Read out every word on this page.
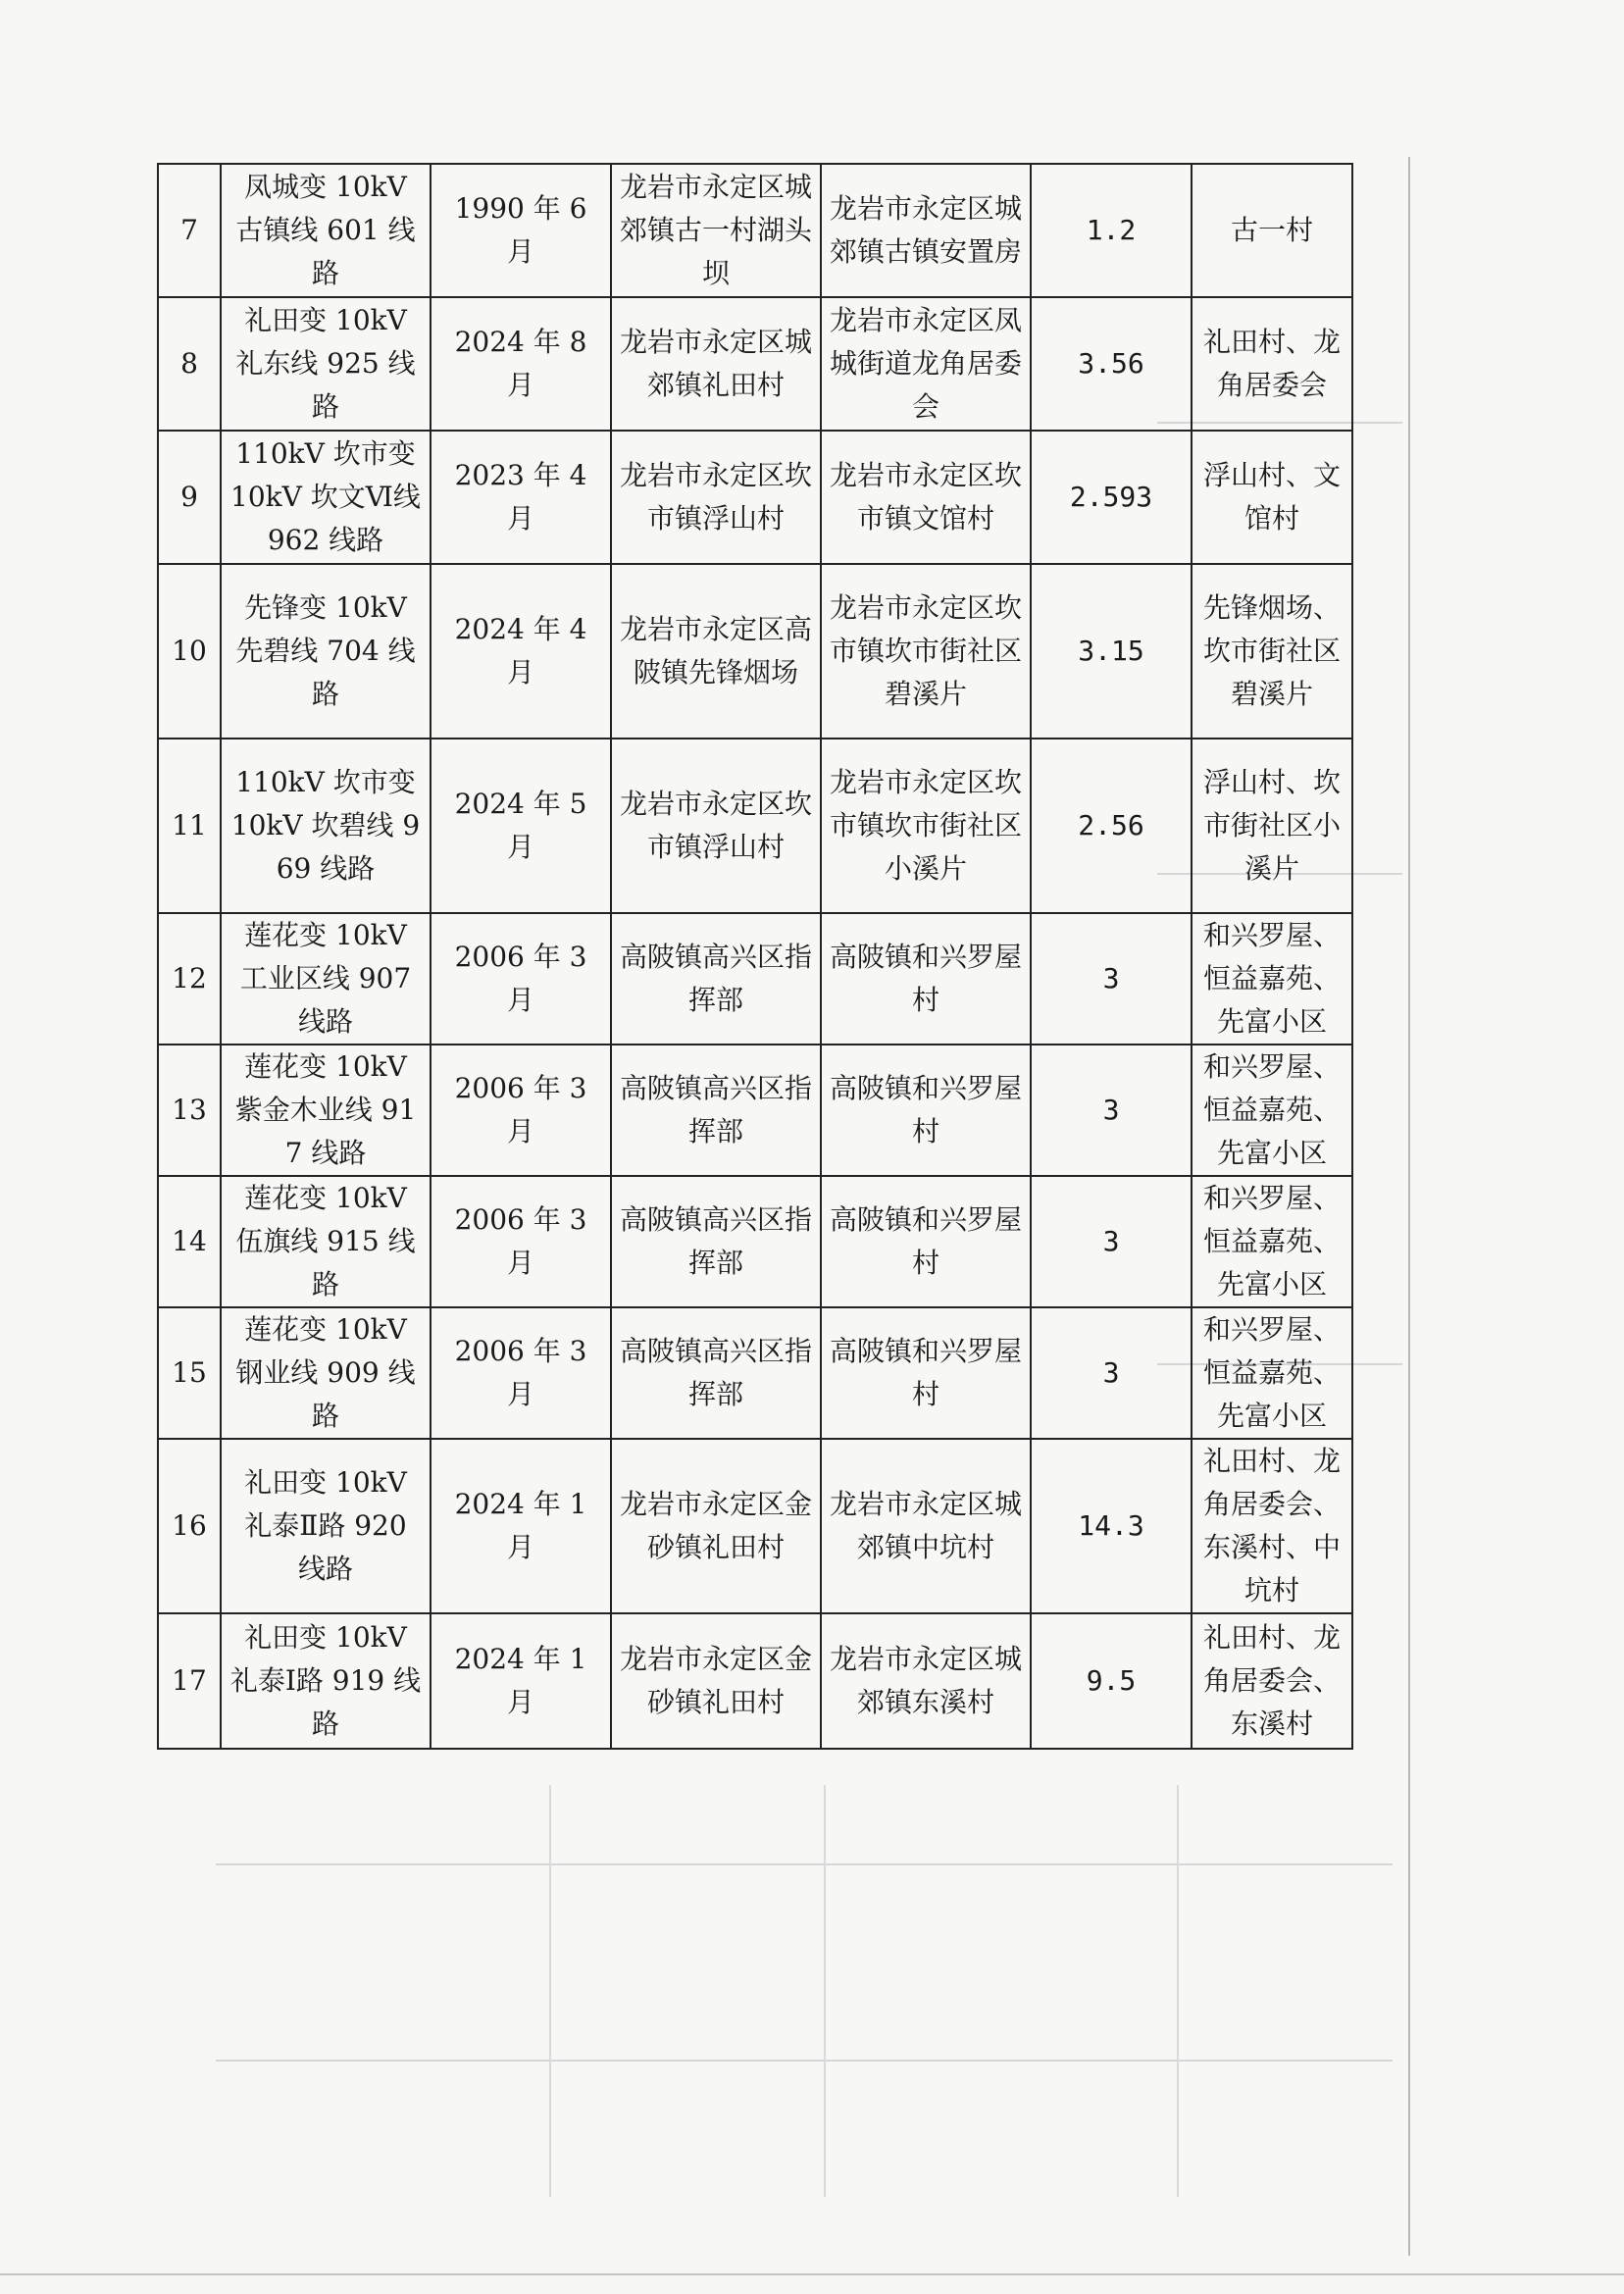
7	凤城变 10kV 古镇线 601 线路	1990 年 6 月	龙岩市永定区城郊镇古一村湖头坝	龙岩市永定区城郊镇古镇安置房	1.2	古一村
8	礼田变 10kV 礼东线 925 线路	2024 年 8 月	龙岩市永定区城郊镇礼田村	龙岩市永定区凤城街道龙角居委会	3.56	礼田村、龙角居委会
9	110kV 坎市变 10kV 坎文Ⅵ线 962 线路	2023 年 4 月	龙岩市永定区坎市镇浮山村	龙岩市永定区坎市镇文馆村	2.593	浮山村、文馆村
10	先锋变 10kV 先碧线 704 线路	2024 年 4 月	龙岩市永定区高陂镇先锋烟场	龙岩市永定区坎市镇坎市街社区碧溪片	3.15	先锋烟场、坎市街社区碧溪片
11	110kV 坎市变 10kV 坎碧线 969 线路	2024 年 5 月	龙岩市永定区坎市镇浮山村	龙岩市永定区坎市镇坎市街社区小溪片	2.56	浮山村、坎市街社区小溪片
12	莲花变 10kV 工业区线 907 线路	2006 年 3 月	高陂镇高兴区指挥部	高陂镇和兴罗屋村	3	和兴罗屋、恒益嘉苑、先富小区
13	莲花变 10kV 紫金木业线 917 线路	2006 年 3 月	高陂镇高兴区指挥部	高陂镇和兴罗屋村	3	和兴罗屋、恒益嘉苑、先富小区
14	莲花变 10kV 伍旗线 915 线路	2006 年 3 月	高陂镇高兴区指挥部	高陂镇和兴罗屋村	3	和兴罗屋、恒益嘉苑、先富小区
15	莲花变 10kV 钢业线 909 线路	2006 年 3 月	高陂镇高兴区指挥部	高陂镇和兴罗屋村	3	和兴罗屋、恒益嘉苑、先富小区
16	礼田变 10kV 礼泰Ⅱ路 920 线路	2024 年 1 月	龙岩市永定区金砂镇礼田村	龙岩市永定区城郊镇中坑村	14.3	礼田村、龙角居委会、东溪村、中坑村
17	礼田变 10kV 礼泰Ⅰ路 919 线路	2024 年 1 月	龙岩市永定区金砂镇礼田村	龙岩市永定区城郊镇东溪村	9.5	礼田村、龙角居委会、东溪村
